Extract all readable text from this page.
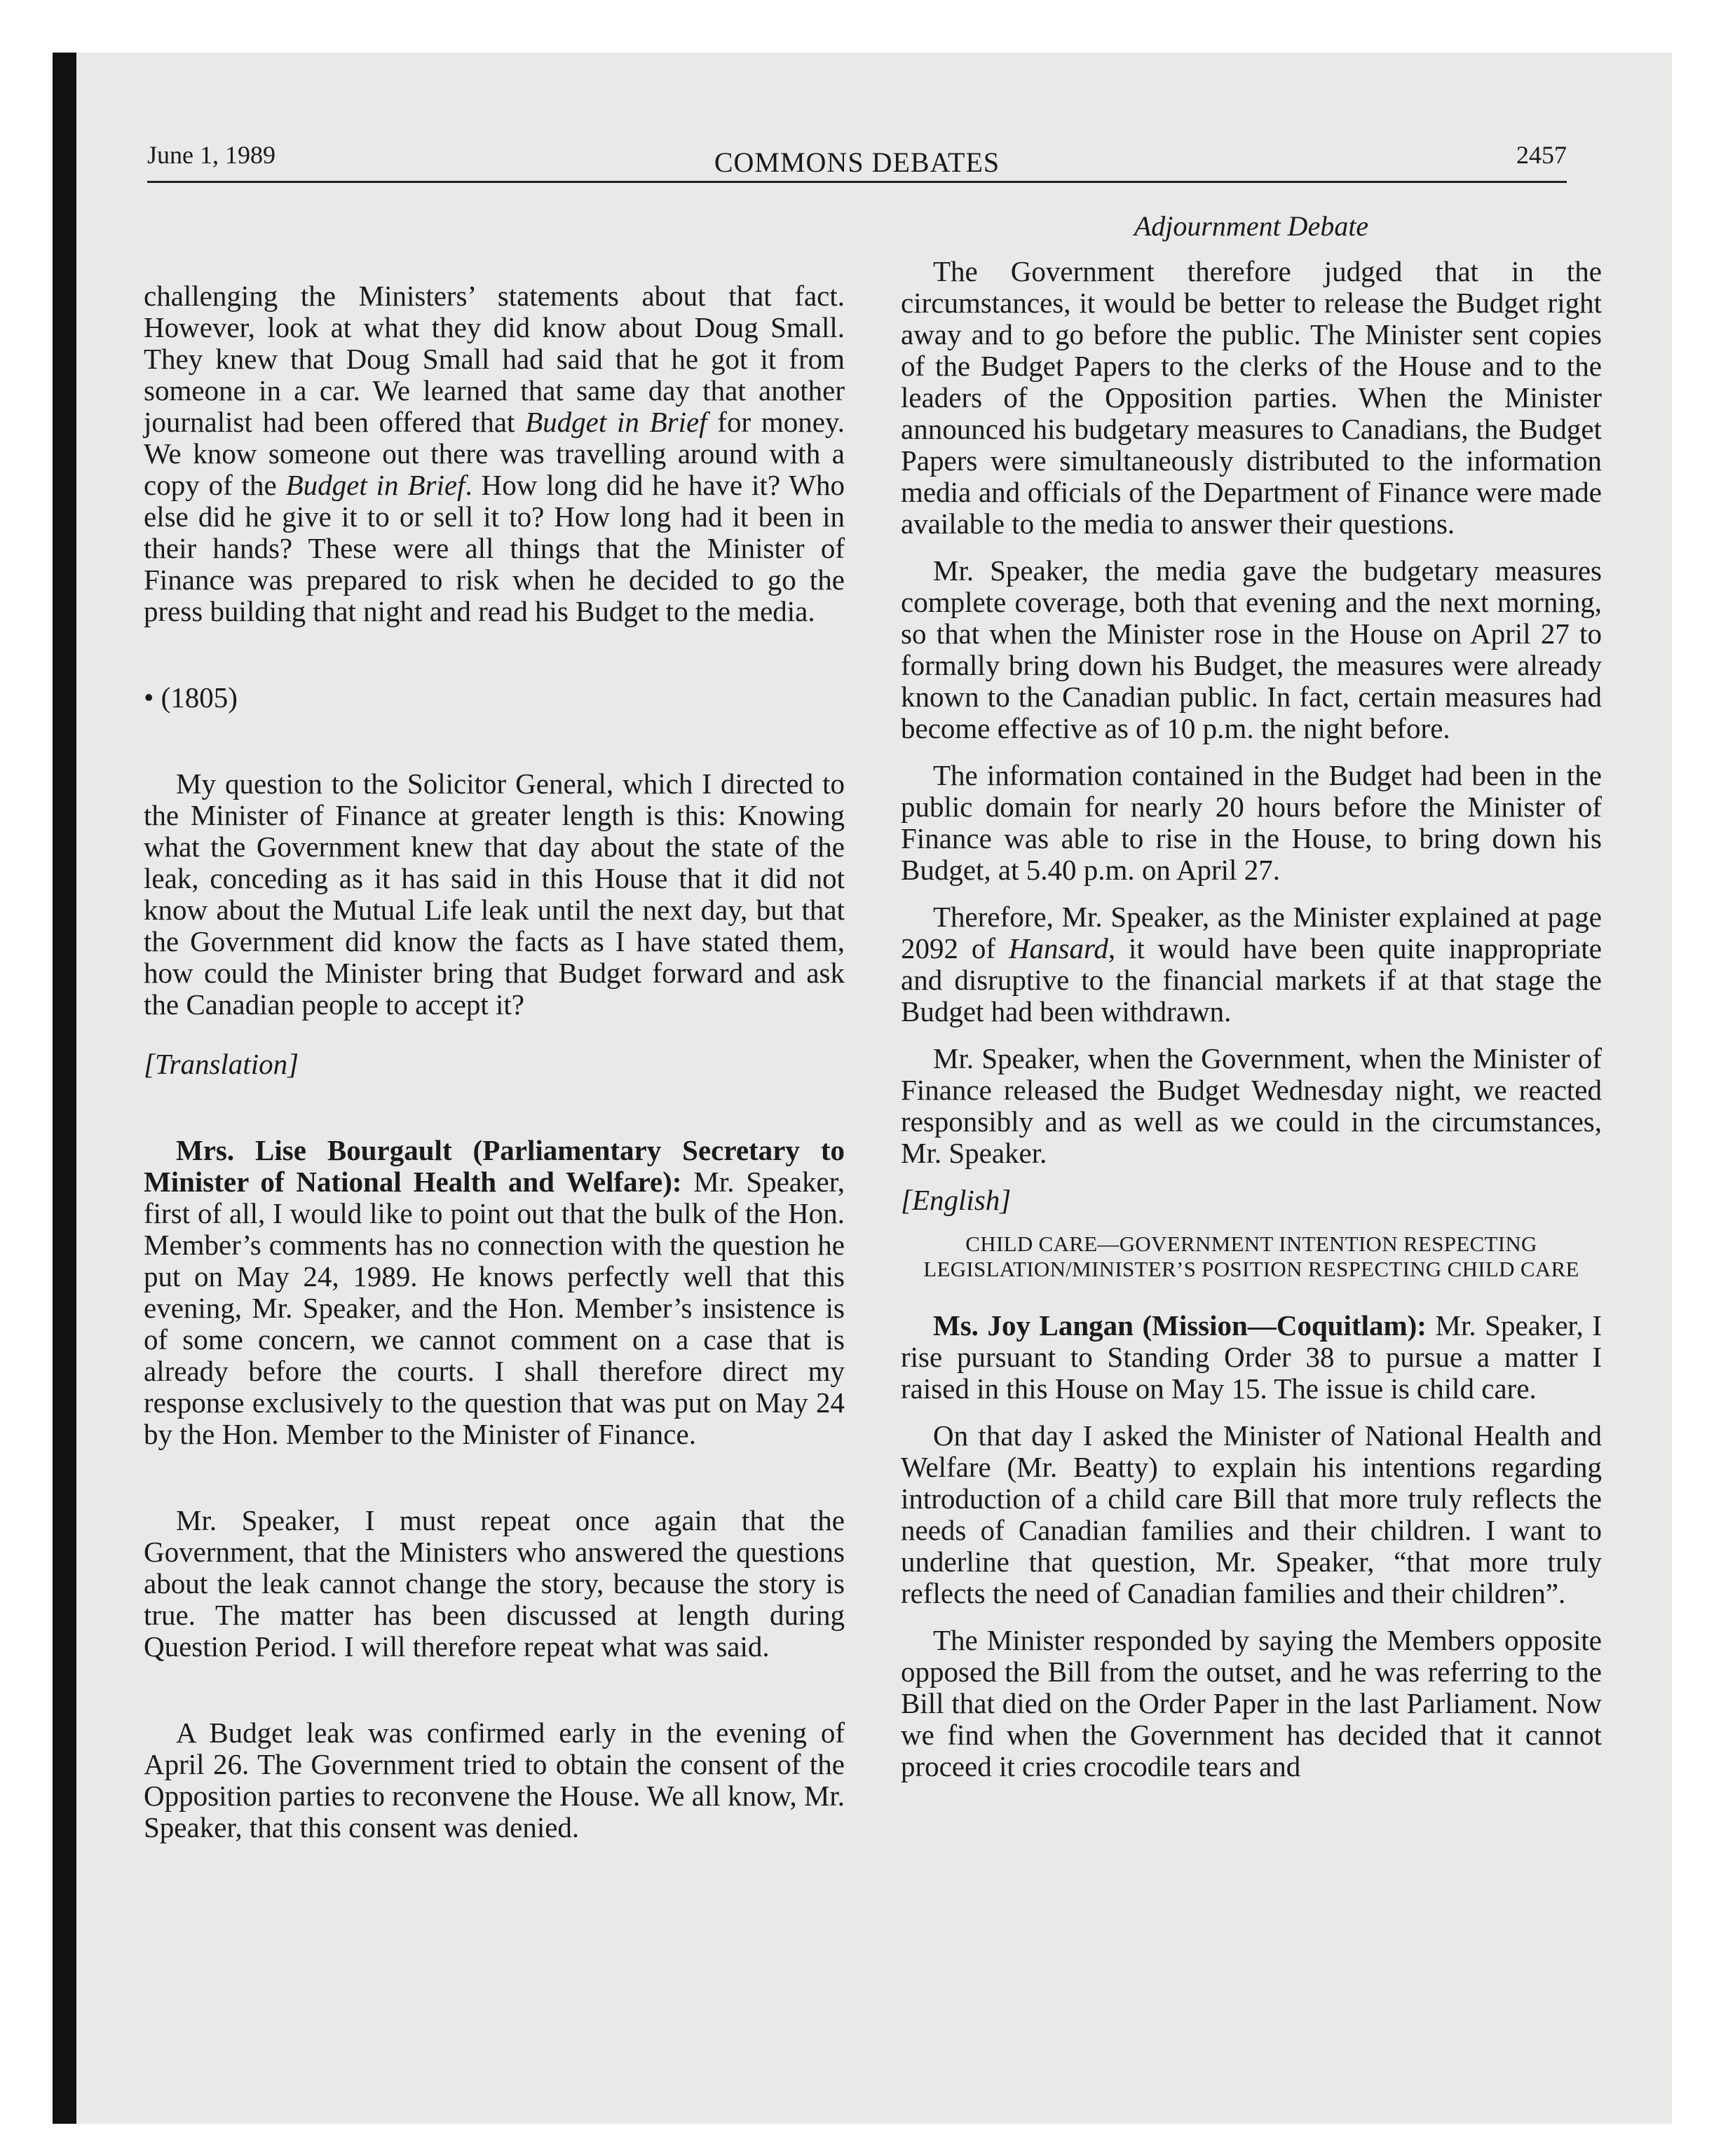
June 1, 1989	COMMONS DEBATES	2457

challenging the Ministers’ statements about that fact. However, look at what they did know about Doug Small. They knew that Doug Small had said that he got it from someone in a car. We learned that same day that another journalist had been offered that Budget in Brief for money. We know someone out there was travelling around with a copy of the Budget in Brief. How long did he have it? Who else did he give it to or sell it to? How long had it been in their hands? These were all things that the Minister of Finance was prepared to risk when he decided to go the press building that night and read his Budget to the media.

• (1805)

My question to the Solicitor General, which I directed to the Minister of Finance at greater length is this: Knowing what the Government knew that day about the state of the leak, conceding as it has said in this House that it did not know about the Mutual Life leak until the next day, but that the Government did know the facts as I have stated them, how could the Minister bring that Budget forward and ask the Canadian people to accept it?

[Translation]

Mrs. Lise Bourgault (Parliamentary Secretary to Minister of National Health and Welfare): Mr. Speaker, first of all, I would like to point out that the bulk of the Hon. Member’s comments has no connection with the question he put on May 24, 1989. He knows perfectly well that this evening, Mr. Speaker, and the Hon. Member’s insistence is of some concern, we cannot comment on a case that is already before the courts. I shall therefore direct my response exclusively to the question that was put on May 24 by the Hon. Member to the Minister of Finance.

Mr. Speaker, I must repeat once again that the Government, that the Ministers who answered the questions about the leak cannot change the story, because the story is true. The matter has been discussed at length during Question Period. I will therefore repeat what was said.

A Budget leak was confirmed early in the evening of April 26. The Government tried to obtain the consent of the Opposition parties to reconvene the House. We all know, Mr. Speaker, that this consent was denied.

Adjournment Debate

The Government therefore judged that in the circumstances, it would be better to release the Budget right away and to go before the public. The Minister sent copies of the Budget Papers to the clerks of the House and to the leaders of the Opposition parties. When the Minister announced his budgetary measures to Canadians, the Budget Papers were simultaneously distributed to the information media and officials of the Department of Finance were made available to the media to answer their questions.

Mr. Speaker, the media gave the budgetary measures complete coverage, both that evening and the next morning, so that when the Minister rose in the House on April 27 to formally bring down his Budget, the measures were already known to the Canadian public. In fact, certain measures had become effective as of 10 p.m. the night before.

The information contained in the Budget had been in the public domain for nearly 20 hours before the Minister of Finance was able to rise in the House, to bring down his Budget, at 5.40 p.m. on April 27.

Therefore, Mr. Speaker, as the Minister explained at page 2092 of Hansard, it would have been quite inappropriate and disruptive to the financial markets if at that stage the Budget had been withdrawn.

Mr. Speaker, when the Government, when the Minister of Finance released the Budget Wednesday night, we reacted responsibly and as well as we could in the circumstances, Mr. Speaker.

[English]

CHILD CARE—GOVERNMENT INTENTION RESPECTING LEGISLATION/MINISTER’S POSITION RESPECTING CHILD CARE

Ms. Joy Langan (Mission—Coquitlam): Mr. Speaker, I rise pursuant to Standing Order 38 to pursue a matter I raised in this House on May 15. The issue is child care.

On that day I asked the Minister of National Health and Welfare (Mr. Beatty) to explain his intentions regarding introduction of a child care Bill that more truly reflects the needs of Canadian families and their children. I want to underline that question, Mr. Speaker, “that more truly reflects the need of Canadian families and their children”.

The Minister responded by saying the Members opposite opposed the Bill from the outset, and he was referring to the Bill that died on the Order Paper in the last Parliament. Now we find when the Government has decided that it cannot proceed it cries crocodile tears and
